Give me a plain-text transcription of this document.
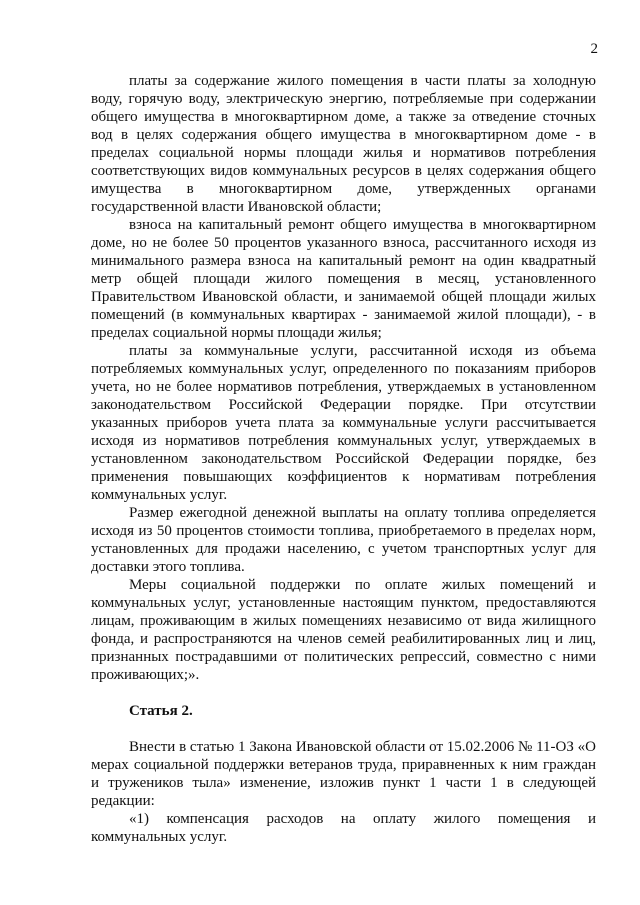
2

платы за содержание жилого помещения в части платы за холодную воду, горячую воду, электрическую энергию, потребляемые при содержании общего имущества в многоквартирном доме, а также за отведение сточных вод в целях содержания общего имущества в многоквартирном доме - в пределах социальной нормы площади жилья и нормативов потребления соответствующих видов коммунальных ресурсов в целях содержания общего имущества в многоквартирном доме, утвержденных органами государственной власти Ивановской области;

взноса на капитальный ремонт общего имущества в многоквартирном доме, но не более 50 процентов указанного взноса, рассчитанного исходя из минимального размера взноса на капитальный ремонт на один квадратный метр общей площади жилого помещения в месяц, установленного Правительством Ивановской области, и занимаемой общей площади жилых помещений (в коммунальных квартирах - занимаемой жилой площади), - в пределах социальной нормы площади жилья;

платы за коммунальные услуги, рассчитанной исходя из объема потребляемых коммунальных услуг, определенного по показаниям приборов учета, но не более нормативов потребления, утверждаемых в установленном законодательством Российской Федерации порядке. При отсутствии указанных приборов учета плата за коммунальные услуги рассчитывается исходя из нормативов потребления коммунальных услуг, утверждаемых в установленном законодательством Российской Федерации порядке, без применения повышающих коэффициентов к нормативам потребления коммунальных услуг.

Размер ежегодной денежной выплаты на оплату топлива определяется исходя из 50 процентов стоимости топлива, приобретаемого в пределах норм, установленных для продажи населению, с учетом транспортных услуг для доставки этого топлива.

Меры социальной поддержки по оплате жилых помещений и коммунальных услуг, установленные настоящим пунктом, предоставляются лицам, проживающим в жилых помещениях независимо от вида жилищного фонда, и распространяются на членов семей реабилитированных лиц и лиц, признанных пострадавшими от политических репрессий, совместно с ними проживающих;».

Статья 2.

Внести в статью 1 Закона Ивановской области от 15.02.2006 № 11-ОЗ «О мерах социальной поддержки ветеранов труда, приравненных к ним граждан и тружеников тыла» изменение, изложив пункт 1 части 1 в следующей редакции:

«1) компенсация расходов на оплату жилого помещения и коммунальных услуг.
